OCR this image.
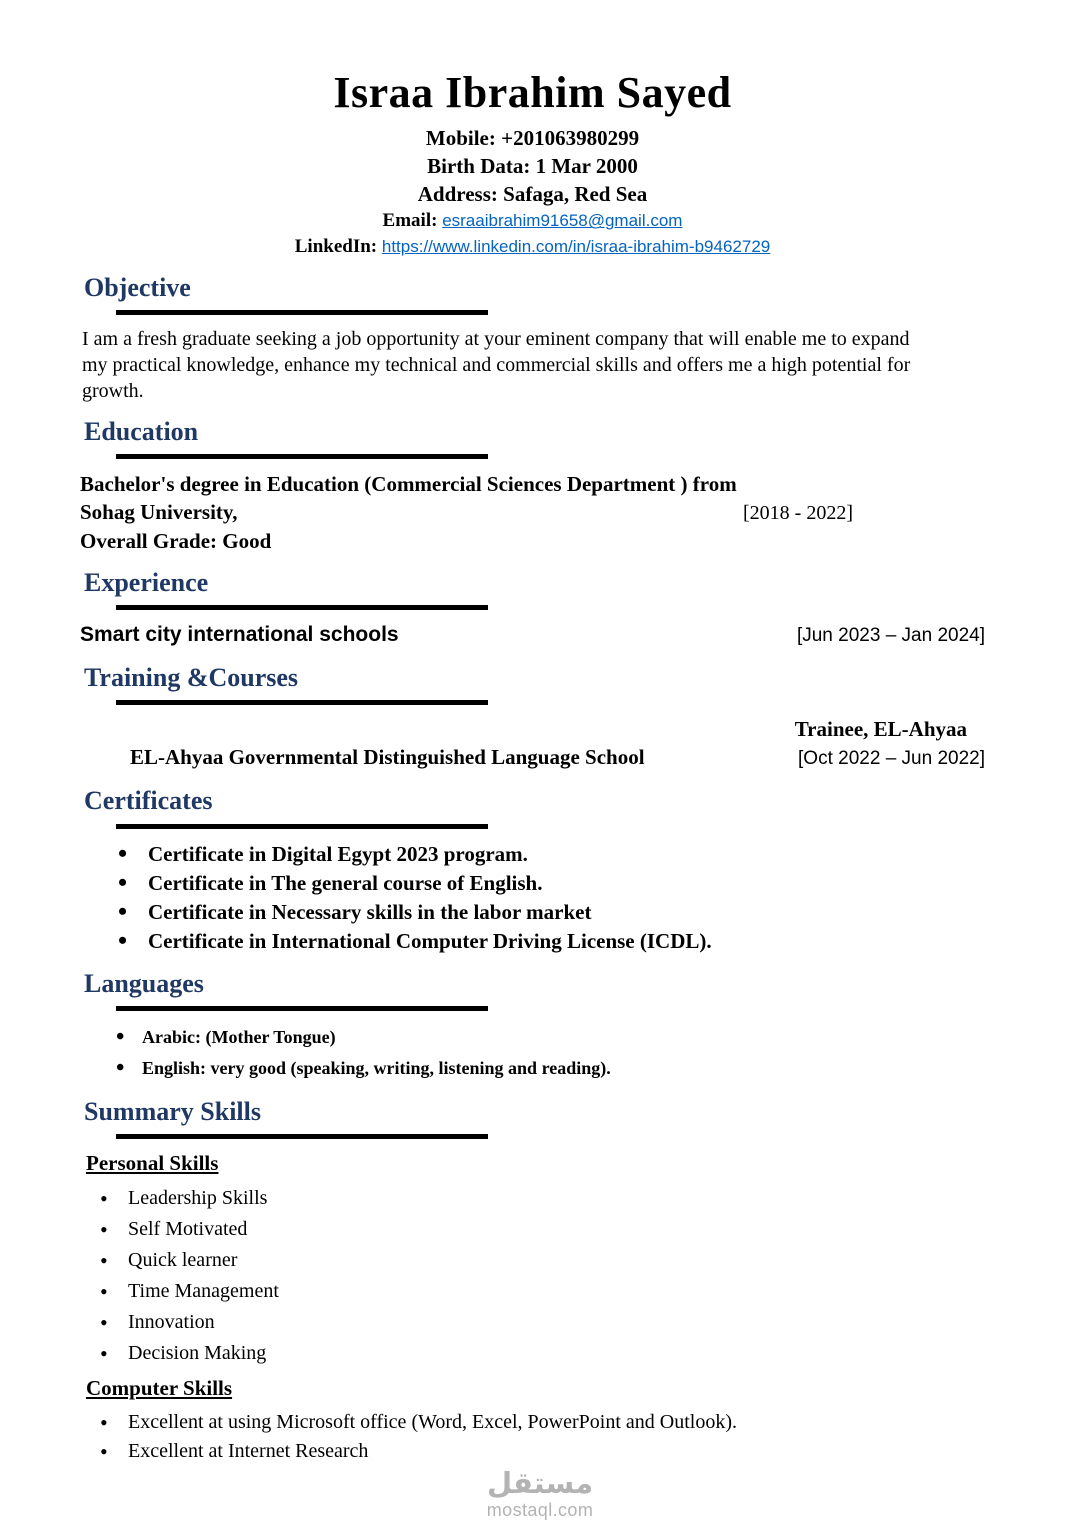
Israa Ibrahim Sayed

Mobile: +201063980299

Birth Data: 1 Mar 2000

Address: Safaga, Red Sea

Email: esraaibrahim91658@gmail.com

LinkedIn: https://www.linkedin.com/in/israa-ibrahim-b9462729

Objective

I am a fresh graduate seeking a job opportunity at your eminent company that will enable me to expand my practical knowledge, enhance my technical and commercial skills and offers me a high potential for growth.

Education
Bachelor's degree in Education (Commercial Sciences Department ) from
Sohag University,	[2018 - 2022]
Overall Grade: Good
Experience
Smart city international schools	[Jun 2023 – Jan 2024]
Training &Courses
Trainee, EL-Ahyaa
EL-Ahyaa Governmental Distinguished Language School	[Oct 2022 – Jun 2022]
Certificates
• Certificate in Digital Egypt 2023 program.
• Certificate in The general course of English.
• Certificate in Necessary skills in the labor market
• Certificate in International Computer Driving License (ICDL).
Languages
• Arabic: (Mother Tongue)
• English: very good (speaking, writing, listening and reading).
Summary Skills
Personal Skills
• Leadership Skills
• Self Motivated
• Quick learner
• Time Management
• Innovation
• Decision Making
Computer Skills
• Excellent at using Microsoft office (Word, Excel, PowerPoint and Outlook).
• Excellent at Internet Research
مستقل
mostaql.com
